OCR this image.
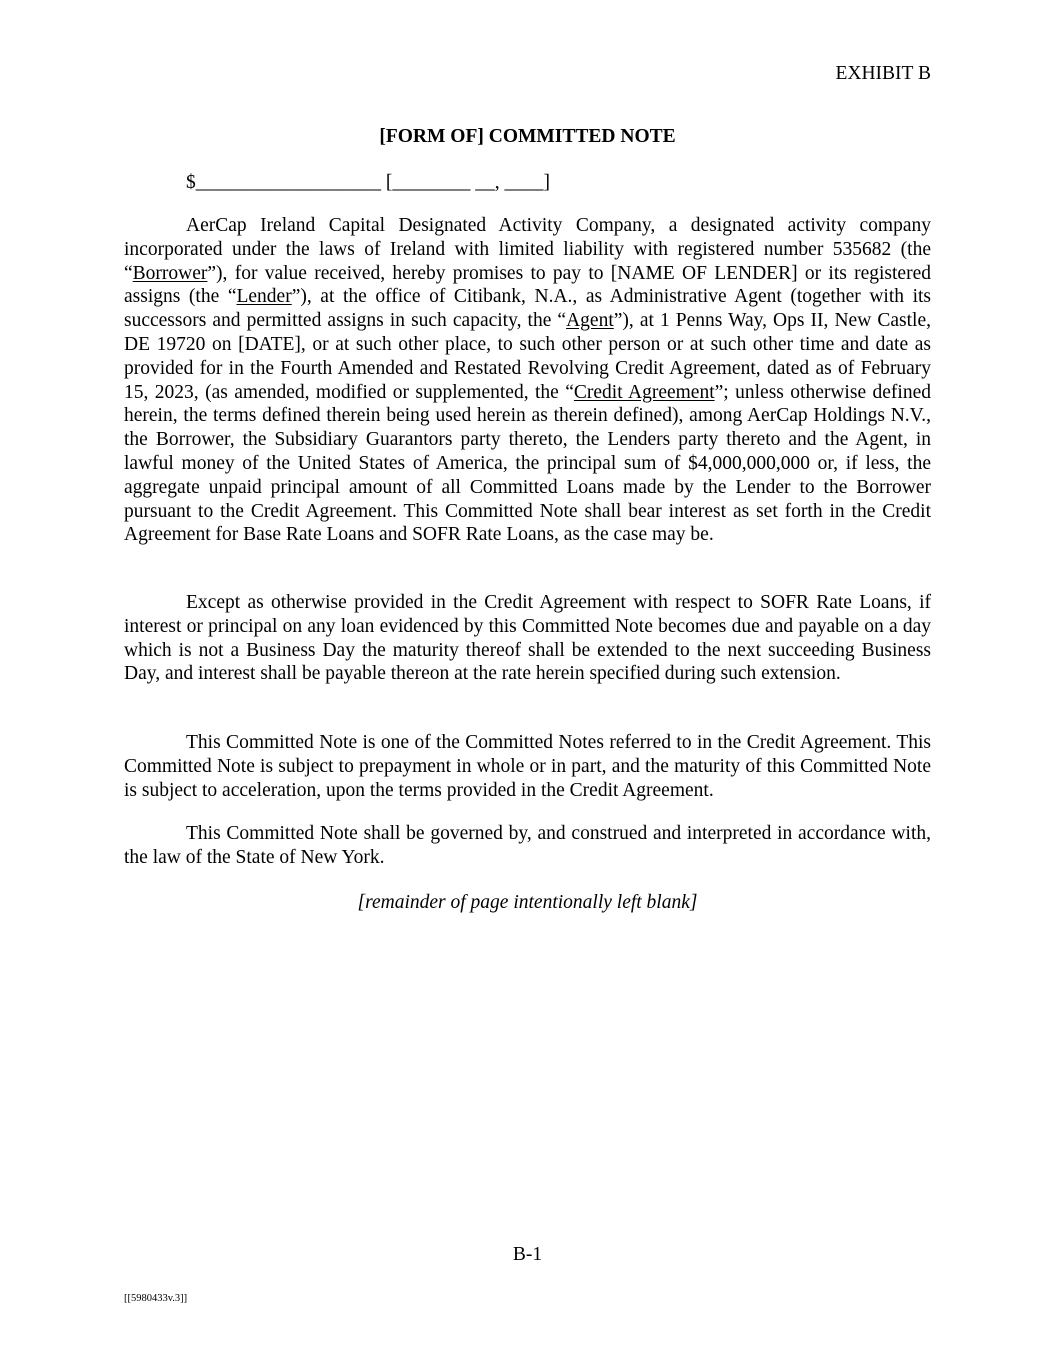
EXHIBIT B
[FORM OF] COMMITTED NOTE
$___________________ [________ __, ____]

AerCap Ireland Capital Designated Activity Company, a designated activity company incorporated under the laws of Ireland with limited liability with registered number 535682 (the “Borrower”), for value received, hereby promises to pay to [NAME OF LENDER] or its registered assigns (the “Lender”), at the office of Citibank, N.A., as Administrative Agent (together with its successors and permitted assigns in such capacity, the “Agent”), at 1 Penns Way, Ops II, New Castle, DE 19720 on [DATE], or at such other place, to such other person or at such other time and date as provided for in the Fourth Amended and Restated Revolving Credit Agreement, dated as of February 15, 2023, (as amended, modified or supplemented, the “Credit Agreement”; unless otherwise defined herein, the terms defined therein being used herein as therein defined), among AerCap Holdings N.V., the Borrower, the Subsidiary Guarantors party thereto, the Lenders party thereto and the Agent, in lawful money of the United States of America, the principal sum of $4,000,000,000 or, if less, the aggregate unpaid principal amount of all Committed Loans made by the Lender to the Borrower pursuant to the Credit Agreement. This Committed Note shall bear interest as set forth in the Credit Agreement for Base Rate Loans and SOFR Rate Loans, as the case may be.

Except as otherwise provided in the Credit Agreement with respect to SOFR Rate Loans, if interest or principal on any loan evidenced by this Committed Note becomes due and payable on a day which is not a Business Day the maturity thereof shall be extended to the next succeeding Business Day, and interest shall be payable thereon at the rate herein specified during such extension.

This Committed Note is one of the Committed Notes referred to in the Credit Agreement. This Committed Note is subject to prepayment in whole or in part, and the maturity of this Committed Note is subject to acceleration, upon the terms provided in the Credit Agreement.

This Committed Note shall be governed by, and construed and interpreted in accordance with, the law of the State of New York.

[remainder of page intentionally left blank]
B-1
[[5980433v.3]]
